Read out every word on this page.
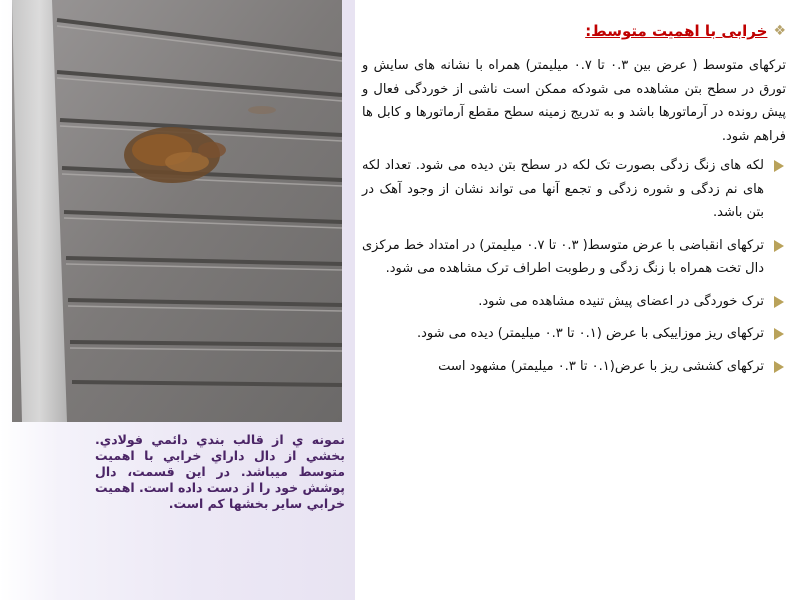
نمونه ي از قالب بندي دائمي فولادي. بخشي از دال داراي خرابي با اهميت متوسط ميباشد. در اين قسمت، دال پوشش خود را از دست داده است. اهميت خرابي ساير بخشها كم است.
❖
خرابی با اهمیت متوسط:
ترکهای متوسط ( عرض بین ۰.۳ تا ۰.۷ میلیمتر) همراه با نشانه های سایش و تورق در سطح بتن مشاهده می شودکه ممکن است ناشی از خوردگی فعال و پیش رونده در آرماتورها باشد و به تدریج زمینه سطح مقطع آرماتورها و کابل ها فراهم شود.
لکه های زنگ زدگی بصورت تک لکه در سطح بتن دیده می شود. تعداد لکه های نم زدگی و شوره زدگی و تجمع آنها می تواند نشان از وجود آهک در بتن باشد.
ترکهای انقباضی با عرض متوسط( ۰.۳ تا ۰.۷ میلیمتر) در امتداد خط مرکزی دال تخت همراه با زنگ زدگی و رطوبت اطراف ترک مشاهده می شود.
ترک خوردگی در اعضای پیش تنیده مشاهده می شود.
ترکهای ریز موزاییکی با عرض (۰.۱ تا ۰.۳ میلیمتر) دیده می شود.
ترکهای کششی ریز با عرض(۰.۱ تا ۰.۳ میلیمتر) مشهود است
